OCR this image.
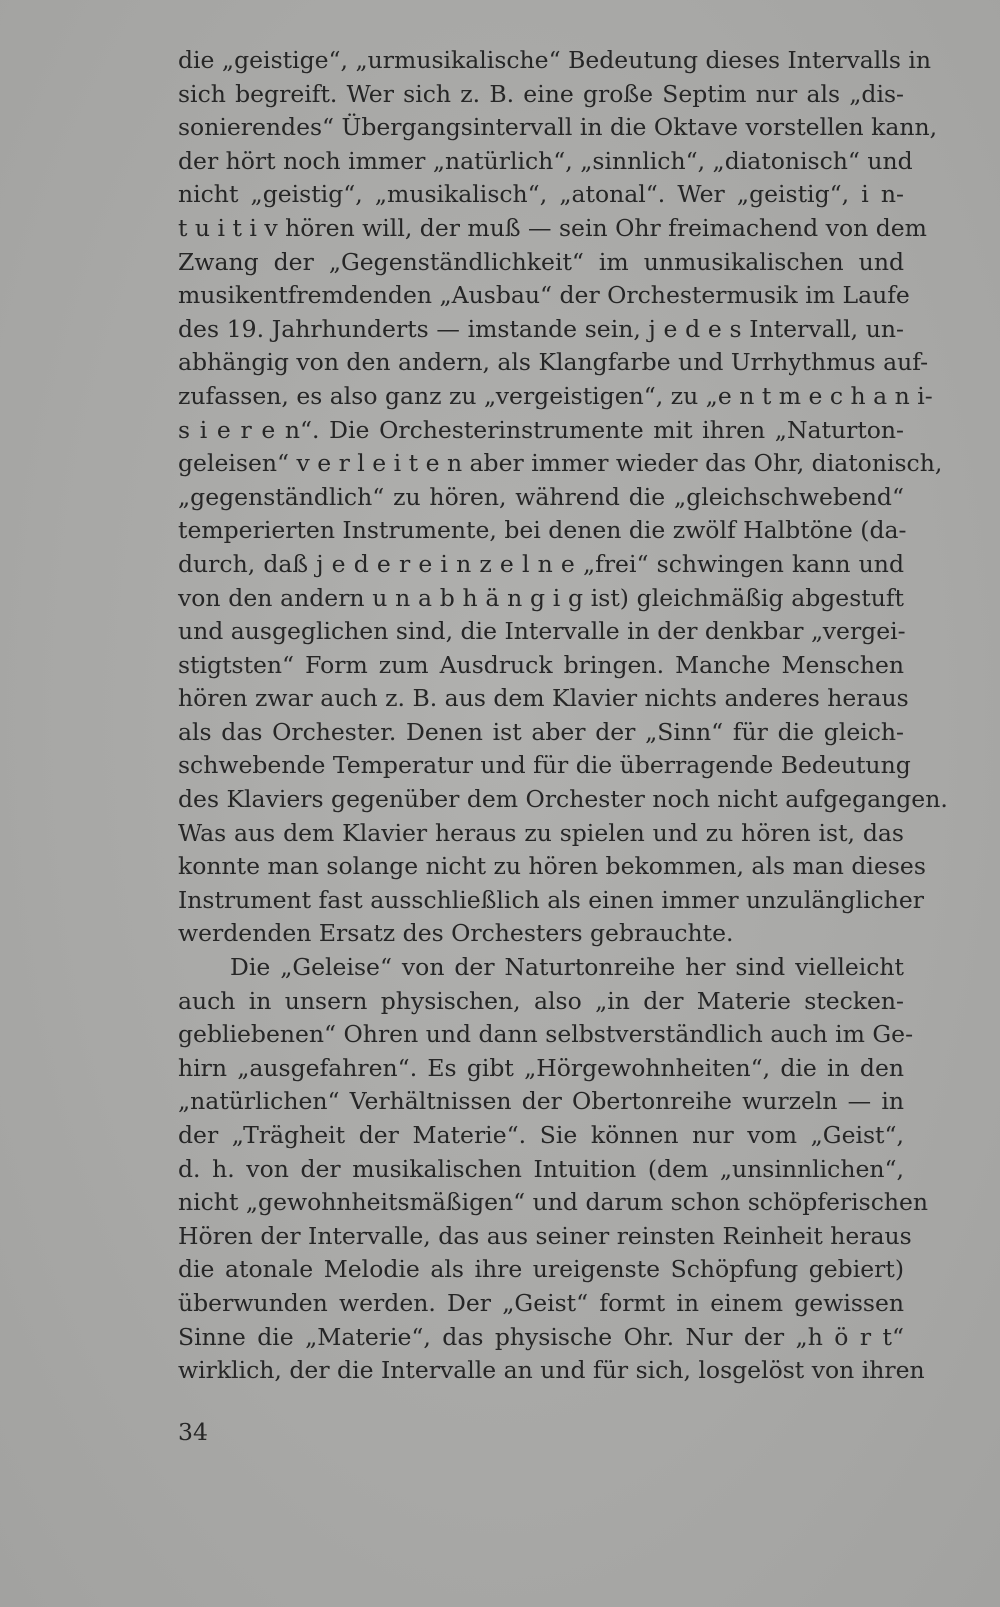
die „geistige“, „urmusikalische“ Bedeutung dieses Intervalls in
sich begreift. Wer sich z. B. eine große Septim nur als „dis-
sonierendes“ Übergangsintervall in die Oktave vorstellen kann,
der hört noch immer „natürlich“, „sinnlich“, „diatonisch“ und
nicht „geistig“, „musikalisch“, „atonal“. Wer „geistig“, i n-
t u i t i v hören will, der muß — sein Ohr freimachend von dem
Zwang der „Gegenständlichkeit“ im unmusikalischen und
musikentfremdenden „Ausbau“ der Orchestermusik im Laufe
des 19. Jahrhunderts — imstande sein, j e d e s Intervall, un-
abhängig von den andern, als Klangfarbe und Urrhythmus auf-
zufassen, es also ganz zu „vergeistigen“, zu „e n t m e c h a n i-
s i e r e n“. Die Orchesterinstrumente mit ihren „Naturton-
geleisen“ v e r l e i t e n aber immer wieder das Ohr, diatonisch,
„gegenständlich“ zu hören, während die „gleichschwebend“
temperierten Instrumente, bei denen die zwölf Halbtöne (da-
durch, daß j e d e r e i n z e l n e „frei“ schwingen kann und
von den andern u n a b h ä n g i g ist) gleichmäßig abgestuft
und ausgeglichen sind, die Intervalle in der denkbar „vergei-
stigtsten“ Form zum Ausdruck bringen. Manche Menschen
hören zwar auch z. B. aus dem Klavier nichts anderes heraus
als das Orchester. Denen ist aber der „Sinn“ für die gleich-
schwebende Temperatur und für die überragende Bedeutung
des Klaviers gegenüber dem Orchester noch nicht aufgegangen.
Was aus dem Klavier heraus zu spielen und zu hören ist, das
konnte man solange nicht zu hören bekommen, als man dieses
Instrument fast ausschließlich als einen immer unzulänglicher
werdenden Ersatz des Orchesters gebrauchte.
Die „Geleise“ von der Naturtonreihe her sind vielleicht
auch in unsern physischen, also „in der Materie stecken-
gebliebenen“ Ohren und dann selbstverständlich auch im Ge-
hirn „ausgefahren“. Es gibt „Hörgewohnheiten“, die in den
„natürlichen“ Verhältnissen der Obertonreihe wurzeln — in
der „Trägheit der Materie“. Sie können nur vom „Geist“,
d. h. von der musikalischen Intuition (dem „unsinnlichen“,
nicht „gewohnheitsmäßigen“ und darum schon schöpferischen
Hören der Intervalle, das aus seiner reinsten Reinheit heraus
die atonale Melodie als ihre ureigenste Schöpfung gebiert)
überwunden werden. Der „Geist“ formt in einem gewissen
Sinne die „Materie“, das physische Ohr. Nur der „h ö r t“
wirklich, der die Intervalle an und für sich, losgelöst von ihren
34
